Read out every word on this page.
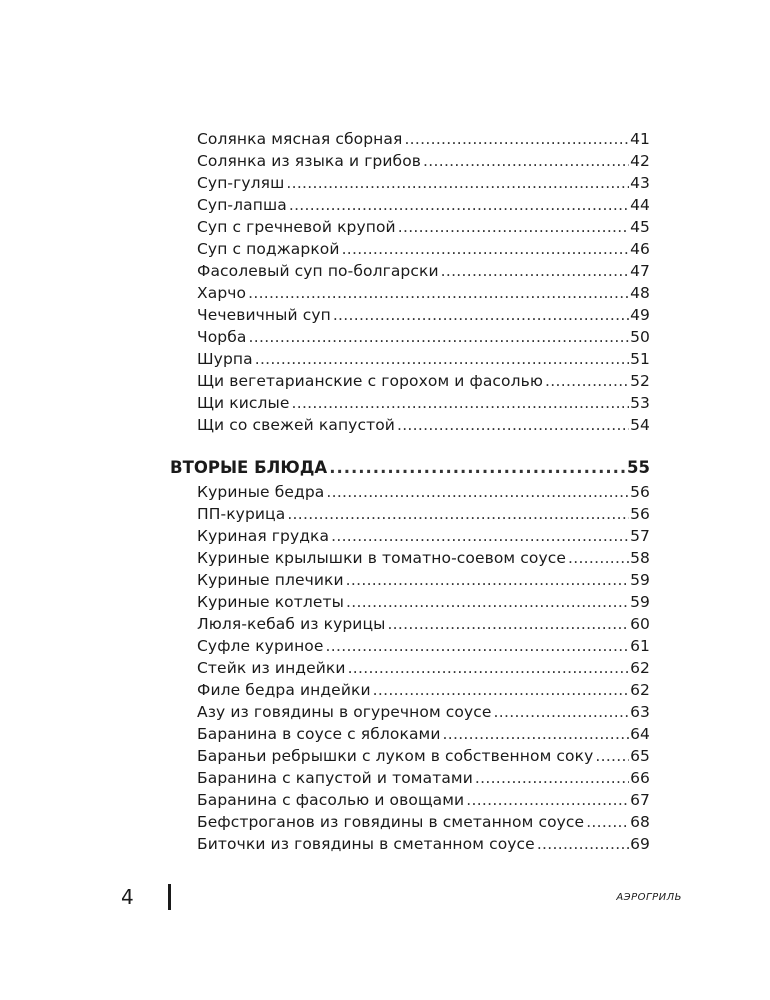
Солянка мясная сборная .....	41
Солянка из языка и грибов .....	42
Суп-гуляш .....	43
Суп-лапша .....	44
Суп с гречневой крупой .....	45
Суп с поджаркой .....	46
Фасолевый суп по-болгарски .....	47
Харчо .....	48
Чечевичный суп .....	49
Чорба .....	50
Шурпа .....	51
Щи вегетарианские с горохом и фасолью .....	52
Щи кислые .....	53
Щи со свежей капустой .....	54
ВТОРЫЕ БЛЮДА .....	55
Куриные бедра .....	56
ПП-курица .....	56
Куриная грудка .....	57
Куриные крылышки в томатно-соевом соусе .....	58
Куриные плечики .....	59
Куриные котлеты .....	59
Люля-кебаб из курицы .....	60
Суфле куриное .....	61
Стейк из индейки .....	62
Филе бедра индейки .....	62
Азу из говядины в огуречном соусе .....	63
Баранина в соусе с яблоками .....	64
Бараньи ребрышки с луком в собственном соку ..... 65
Баранина с капустой и томатами .....	66
Баранина с фасолью и овощами .....	67
Бефстроганов из говядины в сметанном соусе .....	68
Биточки из говядины в сметанном соусе .....	69
4	АЭРОГРИЛЬ
